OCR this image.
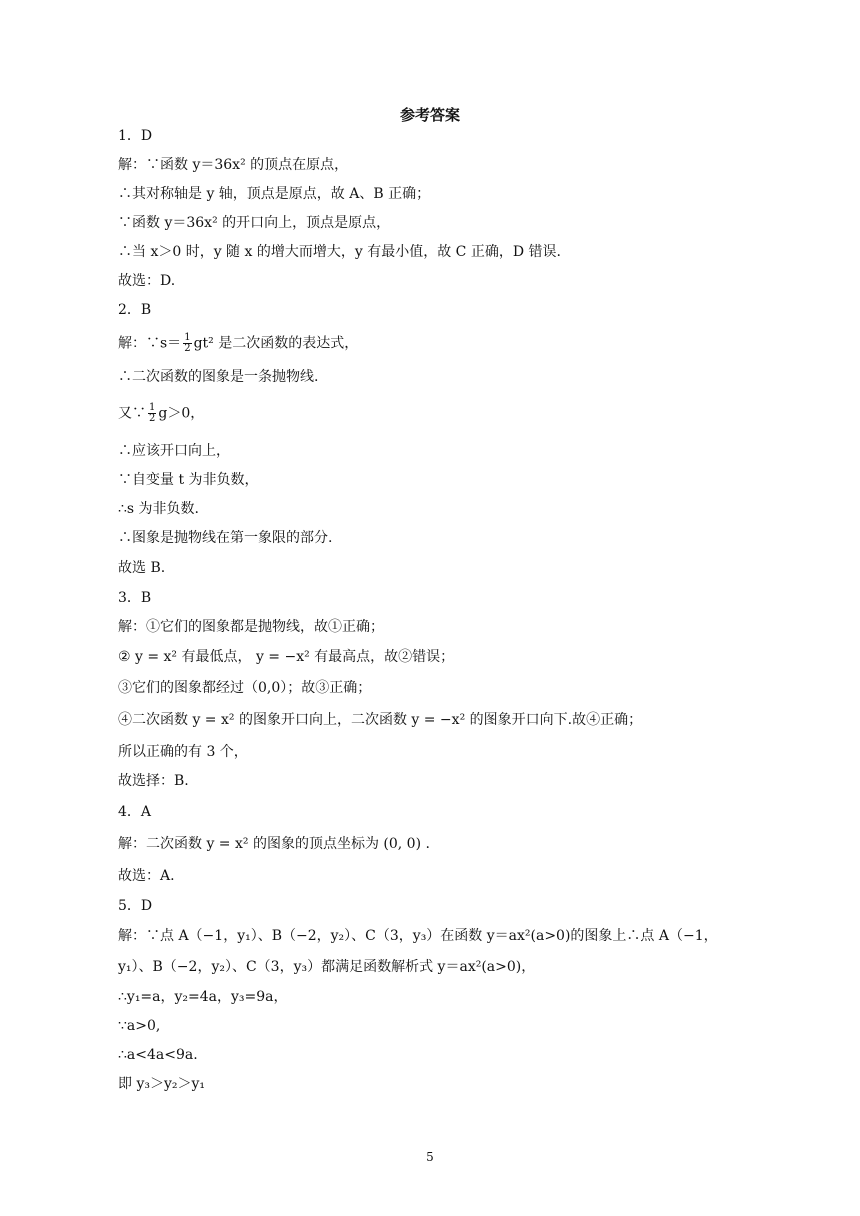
参考答案
1．D
解：∵函数 y＝36x² 的顶点在原点，
∴其对称轴是 y 轴，顶点是原点，故 A、B 正确；
∵函数 y＝36x² 的开口向上，顶点是原点，
∴当 x＞0 时，y 随 x 的增大而增大，y 有最小值，故 C 正确，D 错误.
故选：D.
2．B
解：∵s＝ $\frac{1}{2} gt^2$ 是二次函数的表达式，
∴二次函数的图象是一条抛物线.
又∵ $\frac{1}{2} g>0$，
∴应该开口向上，
∵自变量 t 为非负数，
∴s 为非负数.
∴图象是抛物线在第一象限的部分.
故选 B.
3．B
解：①它们的图象都是抛物线，故①正确；
② y = x² 有最低点， y = −x² 有最高点，故②错误；
③它们的图象都经过（0,0）；故③正确；
④二次函数 y = x² 的图象开口向上，二次函数 y = −x² 的图象开口向下.故④正确；
所以正确的有 3 个，
故选择：B.
4．A
解：二次函数 y = x² 的图象的顶点坐标为 (0, 0) .
故选：A.
5．D
解：∵点 A（−1，y₁）、B（−2，y₂）、C（3，y₃）在函数 y＝ax²(a>0)的图象上∴点 A（−1，
y₁）、B（−2，y₂）、C（3，y₃）都满足函数解析式 y＝ax²(a>0)，
∴y₁=a，y₂=4a，y₃=9a，
∵a>0,
∴a<4a<9a.
即 y₃＞y₂＞y₁
5
